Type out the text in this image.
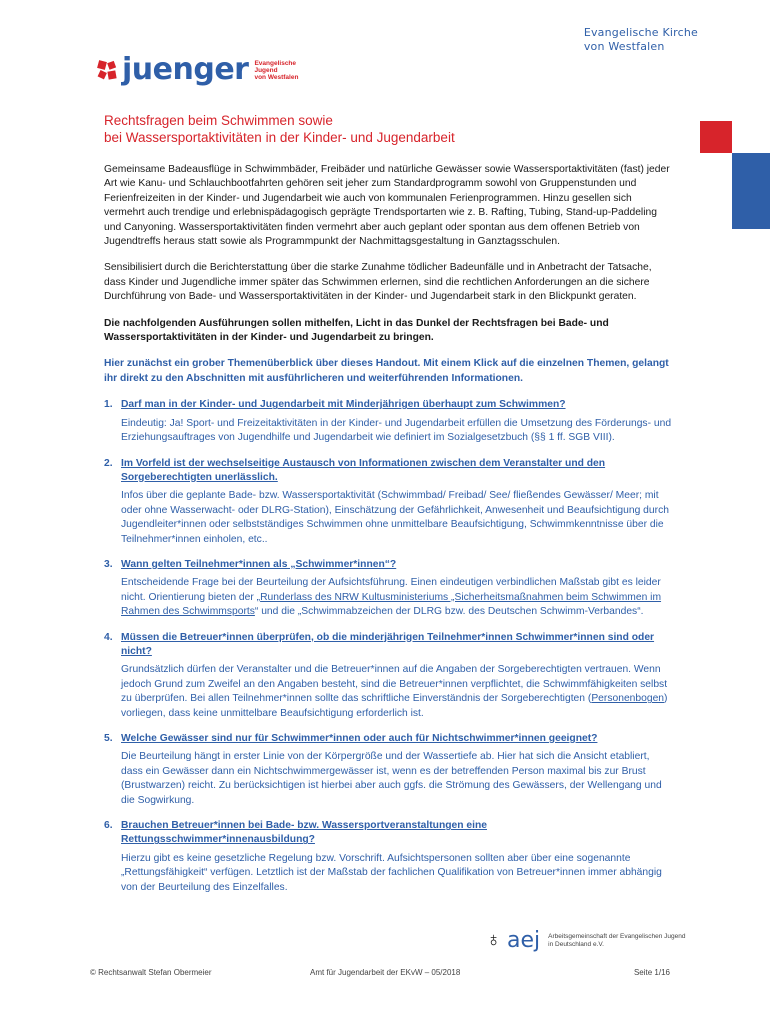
Evangelische Kirche
von Westfalen
juenger Evangelische
Jugend
von Westfalen
Rechtsfragen beim Schwimmen sowie
bei Wassersportaktivitäten in der Kinder- und Jugendarbeit

Gemeinsame Badeausflüge in Schwimmbäder, Freibäder und natürliche Gewässer sowie Wassersportaktivitäten (fast) jeder Art wie Kanu- und Schlauchbootfahrten gehören seit jeher zum Standardprogramm sowohl von Gruppenstunden und Ferienfreizeiten in der Kinder- und Jugendarbeit wie auch von kommunalen Ferienprogrammen. Hinzu gesellen sich vermehrt auch trendige und erlebnispädagogisch geprägte Trendsportarten wie z. B. Rafting, Tubing, Stand-up-Paddeling und Canyoning. Wassersportaktivitäten finden vermehrt aber auch geplant oder spontan aus dem offenen Betrieb von Jugendtreffs heraus statt sowie als Programmpunkt der Nachmittagsgestaltung in Ganztagsschulen.

Sensibilisiert durch die Berichterstattung über die starke Zunahme tödlicher Badeunfälle und in Anbetracht der Tatsache, dass Kinder und Jugendliche immer später das Schwimmen erlernen, sind die rechtlichen Anforderungen an die sichere Durchführung von Bade- und Wassersportaktivitäten in der Kinder- und Jugendarbeit stark in den Blickpunkt geraten.

Die nachfolgenden Ausführungen sollen mithelfen, Licht in das Dunkel der Rechtsfragen bei Bade- und Wassersportaktivitäten in der Kinder- und Jugendarbeit zu bringen.

Hier zunächst ein grober Themenüberblick über dieses Handout. Mit einem Klick auf die einzelnen Themen, gelangt ihr direkt zu den Abschnitten mit ausführlicheren und weiterführenden Informationen.

1. Darf man in der Kinder- und Jugendarbeit mit Minderjährigen überhaupt zum Schwimmen?
Eindeutig: Ja! Sport- und Freizeitaktivitäten in der Kinder- und Jugendarbeit erfüllen die Umsetzung des Förderungs- und Erziehungsauftrages von Jugendhilfe und Jugendarbeit wie definiert im Sozialgesetzbuch (§§ 1 ff. SGB VIII).
2. Im Vorfeld ist der wechselseitige Austausch von Informationen zwischen dem Veranstalter und den Sorgeberechtigten unerlässlich.
Infos über die geplante Bade- bzw. Wassersportaktivität (Schwimmbad/ Freibad/ See/ fließendes Gewässer/ Meer; mit oder ohne Wasserwacht- oder DLRG-Station), Einschätzung der Gefährlichkeit, Anwesenheit und Beaufsichtigung durch Jugendleiter*innen oder selbstständiges Schwimmen ohne unmittelbare Beaufsichtigung, Schwimmkenntnisse über die Teilnehmer*innen einholen, etc..
3. Wann gelten Teilnehmer*innen als „Schwimmer*innen“?
Entscheidende Frage bei der Beurteilung der Aufsichtsführung. Einen eindeutigen verbindlichen Maßstab gibt es leider nicht. Orientierung bieten der „Runderlass des NRW Kultusministeriums „Sicherheitsmaßnahmen beim Schwimmen im Rahmen des Schwimmsports“ und die „Schwimmabzeichen der DLRG bzw. des Deutschen Schwimm-Verbandes“.
4. Müssen die Betreuer*innen überprüfen, ob die minderjährigen Teilnehmer*innen Schwimmer*innen sind oder nicht?
Grundsätzlich dürfen der Veranstalter und die Betreuer*innen auf die Angaben der Sorgeberechtigten vertrauen. Wenn jedoch Grund zum Zweifel an den Angaben besteht, sind die Betreuer*innen verpflichtet, die Schwimmfähigkeiten selbst zu überprüfen. Bei allen Teilnehmer*innen sollte das schriftliche Einverständnis der Sorgeberechtigten (Personenbogen) vorliegen, dass keine unmittelbare Beaufsichtigung erforderlich ist.
5. Welche Gewässer sind nur für Schwimmer*innen oder auch für Nichtschwimmer*innen geeignet?
Die Beurteilung hängt in erster Linie von der Körpergröße und der Wassertiefe ab. Hier hat sich die Ansicht etabliert, dass ein Gewässer dann ein Nichtschwimmergewässer ist, wenn es der betreffenden Person maximal bis zur Brust (Brustwarzen) reicht. Zu berücksichtigen ist hierbei aber auch ggfs. die Strömung des Gewässers, der Wellengang und die Sogwirkung.
6. Brauchen Betreuer*innen bei Bade- bzw. Wassersportveranstaltungen eine Rettungsschwimmer*innenausbildung?
Hierzu gibt es keine gesetzliche Regelung bzw. Vorschrift. Aufsichtspersonen sollten aber über eine sogenannte „Rettungsfähigkeit“ verfügen. Letztlich ist der Maßstab der fachlichen Qualifikation von Betreuer*innen immer abhängig von der Beurteilung des Einzelfalles.
♁ aej Arbeitsgemeinschaft der Evangelischen Jugend
in Deutschland e.V.
© Rechtsanwalt Stefan Obermeier	Amt für Jugendarbeit der EKvW – 05/2018	Seite 1/16
